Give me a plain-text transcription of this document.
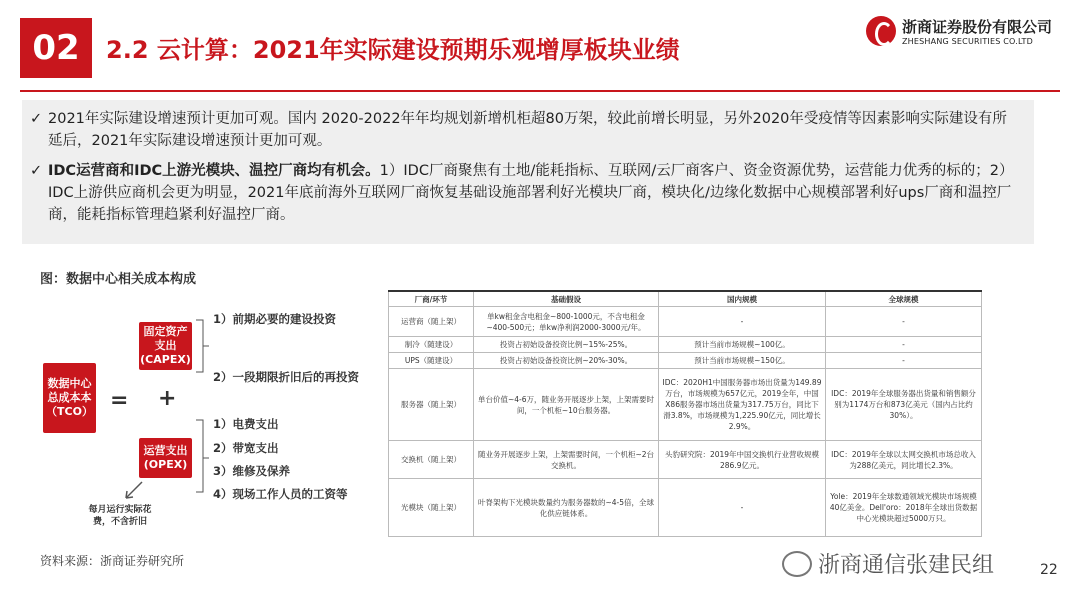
02	2.2 云计算：2021年实际建设预期乐观增厚板块业绩
浙商证券股份有限公司
ZHESHANG SECURITIES CO.LTD
✓ 2021年实际建设增速预计更加可观。国内 2020-2022年年均规划新增机柜超80万架，较此前增长明显，另外2020年受疫情等因素影响实际建设有所延后，2021年实际建设增速预计更加可观。
✓ IDC运营商和IDC上游光模块、温控厂商均有机会。1）IDC厂商聚焦有土地/能耗指标、互联网/云厂商客户、资金资源优势，运营能力优秀的标的；2）IDC上游供应商机会更为明显，2021年底前海外互联网厂商恢复基础设施部署利好光模块厂商，模块化/边缘化数据中心规模部署利好ups厂商和温控厂商，能耗指标管理趋紧利好温控厂商。
图：数据中心相关成本构成
数据中心
总成本本
（TCO） = +
固定资产
支出
(CAPEX)
运营支出
(OPEX)
1）前期必要的建设投资
2）一段期限折旧后的再投资
1）电费支出
2）带宽支出
3）维修及保养
4）现场工作人员的工资等
每月运行实际花费，不含折旧
厂商/环节	基础假设	国内规模	全球规模
运营商（随上架）	单kw租金含电租金~800-1000元，不含电租金~400-500元；单kw净利润2000-3000元/年。	-	-
制冷（随建设）	投资占初始设备投资比例~15%-25%。	预计当前市场规模~100亿。	-
UPS（随建设）	投资占初始设备投资比例~20%-30%。	预计当前市场规模~150亿。	-
服务器（随上架）	单台价值~4-6万，随业务开展逐步上架，上架需要时间，一个机柜~10台服务器。	IDC：2020H1中国服务器市场出货量为149.89万台，市场规模为657亿元，2019全年，中国X86服务器市场出货量为317.75万台，同比下滑3.8%，市场规模为1,225.90亿元，同比增长2.9%。	IDC：2019年全球服务器出货量和销售额分别为1174万台和873亿美元（国内占比约30%）。
交换机（随上架）	随业务开展逐步上架，上架需要时间，一个机柜~2台交换机。	头豹研究院：2019年中国交换机行业营收规模286.9亿元。	IDC：2019年全球以太网交换机市场总收入为288亿美元，同比增长2.3%。
光模块（随上架）	叶脊架构下光模块数量约为服务器数的~4-5倍，全球化供应链体系。	-	Yole：2019年全球数通领域光模块市场规模40亿美金。Dell'oro：2018年全球出货数据中心光模块超过5000万只。
资料来源：浙商证券研究所	浙商通信张建民组	22
